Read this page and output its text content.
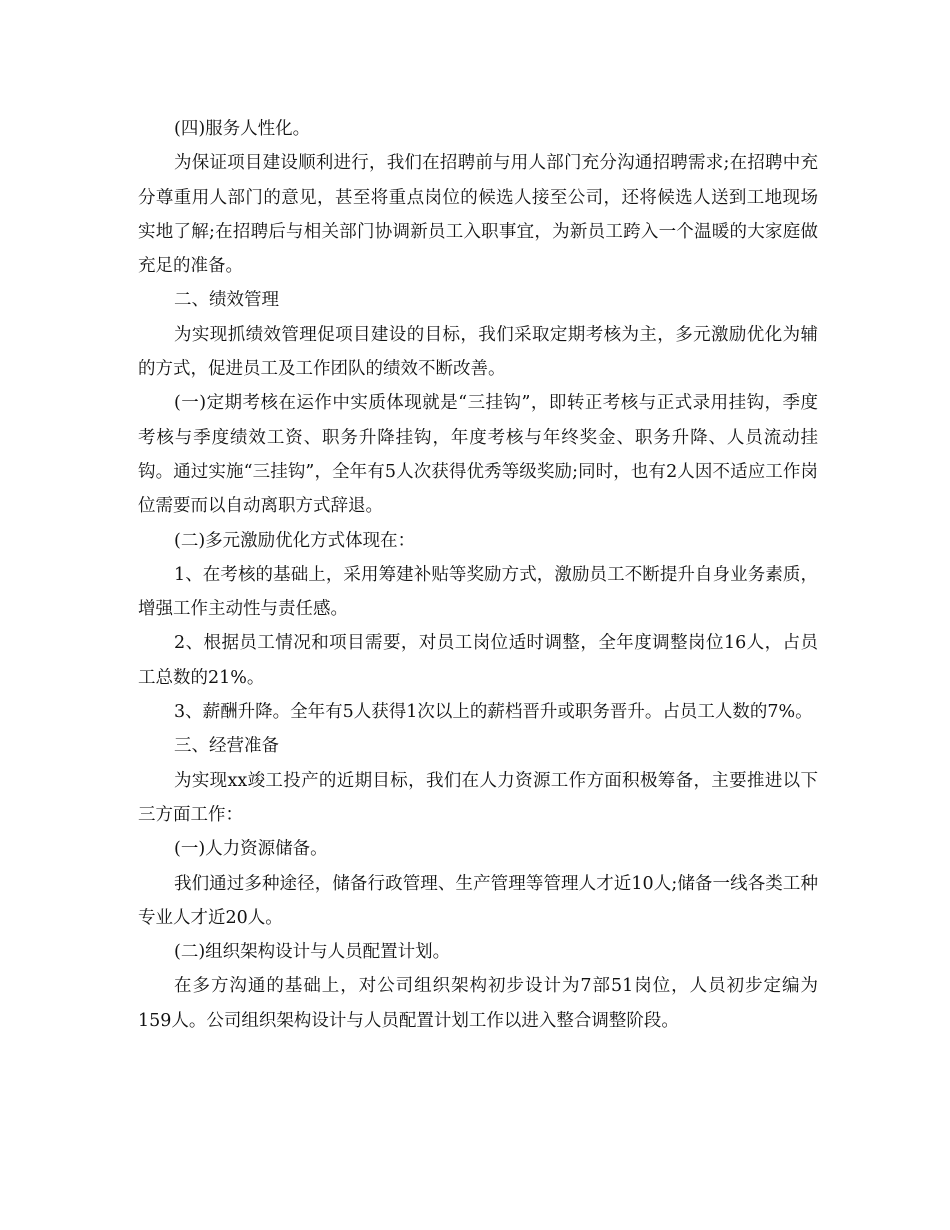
(四)服务人性化。

为保证项目建设顺利进行，我们在招聘前与用人部门充分沟通招聘需求;在招聘中充分尊重用人部门的意见，甚至将重点岗位的候选人接至公司，还将候选人送到工地现场实地了解;在招聘后与相关部门协调新员工入职事宜，为新员工跨入一个温暖的大家庭做充足的准备。

二、绩效管理

为实现抓绩效管理促项目建设的目标，我们采取定期考核为主，多元激励优化为辅的方式，促进员工及工作团队的绩效不断改善。

(一)定期考核在运作中实质体现就是“三挂钩”，即转正考核与正式录用挂钩，季度考核与季度绩效工资、职务升降挂钩，年度考核与年终奖金、职务升降、人员流动挂钩。通过实施“三挂钩”，全年有5人次获得优秀等级奖励;同时，也有2人因不适应工作岗位需要而以自动离职方式辞退。

(二)多元激励优化方式体现在：

1、在考核的基础上，采用筹建补贴等奖励方式，激励员工不断提升自身业务素质，增强工作主动性与责任感。

2、根据员工情况和项目需要，对员工岗位适时调整，全年度调整岗位16人，占员工总数的21%。

3、薪酬升降。全年有5人获得1次以上的薪档晋升或职务晋升。占员工人数的7%。

三、经营准备

为实现xx竣工投产的近期目标，我们在人力资源工作方面积极筹备，主要推进以下三方面工作：

(一)人力资源储备。

我们通过多种途径，储备行政管理、生产管理等管理人才近10人;储备一线各类工种专业人才近20人。

(二)组织架构设计与人员配置计划。

在多方沟通的基础上，对公司组织架构初步设计为7部51岗位，人员初步定编为159人。公司组织架构设计与人员配置计划工作以进入整合调整阶段。
